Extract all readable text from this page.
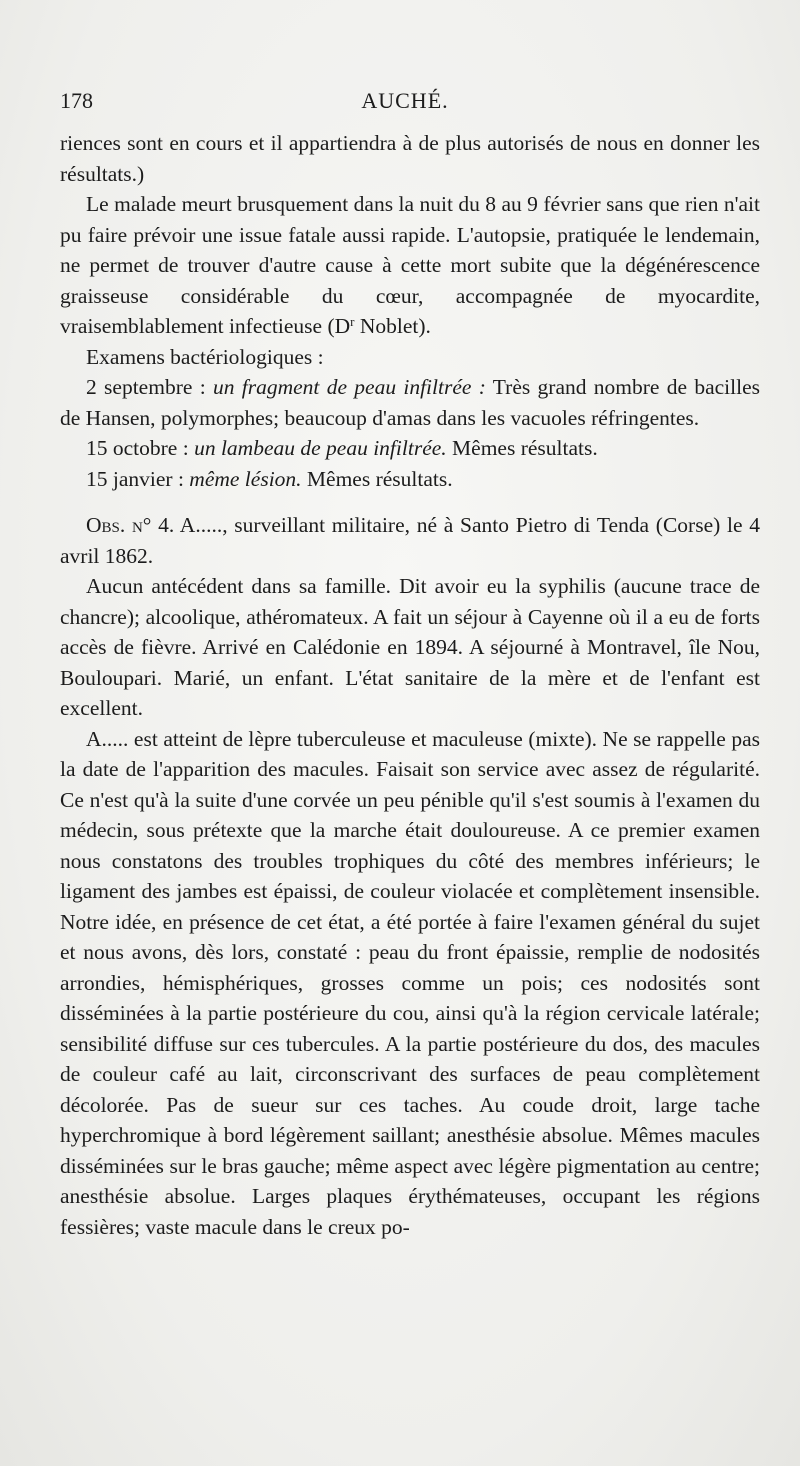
178	AUCHÉ.

riences sont en cours et il appartiendra à de plus autorisés de nous en donner les résultats.)

Le malade meurt brusquement dans la nuit du 8 au 9 février sans que rien n'ait pu faire prévoir une issue fatale aussi rapide. L'autopsie, pratiquée le lendemain, ne permet de trouver d'autre cause à cette mort subite que la dégénérescence graisseuse considérable du cœur, accompagnée de myocardite, vraisemblablement infectieuse ($D^r$ Noblet).

Examens bactériologiques :

2 septembre : un fragment de peau infiltrée : Très grand nombre de bacilles de Hansen, polymorphes; beaucoup d'amas dans les vacuoles réfringentes.

15 octobre : un lambeau de peau infiltrée. Mêmes résultats.

15 janvier : même lésion. Mêmes résultats.

Obs. n° 4. A....., surveillant militaire, né à Santo Pietro di Tenda (Corse) le 4 avril 1862.

Aucun antécédent dans sa famille. Dit avoir eu la syphilis (aucune trace de chancre); alcoolique, athéromateux. A fait un séjour à Cayenne où il a eu de forts accès de fièvre. Arrivé en Calédonie en 1894. A séjourné à Montravel, île Nou, Bouloupari. Marié, un enfant. L'état sanitaire de la mère et de l'enfant est excellent.

A..... est atteint de lèpre tuberculeuse et maculeuse (mixte). Ne se rappelle pas la date de l'apparition des macules. Faisait son service avec assez de régularité. Ce n'est qu'à la suite d'une corvée un peu pénible qu'il s'est soumis à l'examen du médecin, sous prétexte que la marche était douloureuse. A ce premier examen nous constatons des troubles trophiques du côté des membres inférieurs; le ligament des jambes est épaissi, de couleur violacée et complètement insensible. Notre idée, en présence de cet état, a été portée à faire l'examen général du sujet et nous avons, dès lors, constaté : peau du front épaissie, remplie de nodosités arrondies, hémisphériques, grosses comme un pois; ces nodosités sont disséminées à la partie postérieure du cou, ainsi qu'à la région cervicale latérale; sensibilité diffuse sur ces tubercules. A la partie postérieure du dos, des macules de couleur café au lait, circonscrivant des surfaces de peau complètement décolorée. Pas de sueur sur ces taches. Au coude droit, large tache hyperchromique à bord légèrement saillant; anesthésie absolue. Mêmes macules disséminées sur le bras gauche; même aspect avec légère pigmentation au centre; anesthésie absolue. Larges plaques érythémateuses, occupant les régions fessières; vaste macule dans le creux po-
